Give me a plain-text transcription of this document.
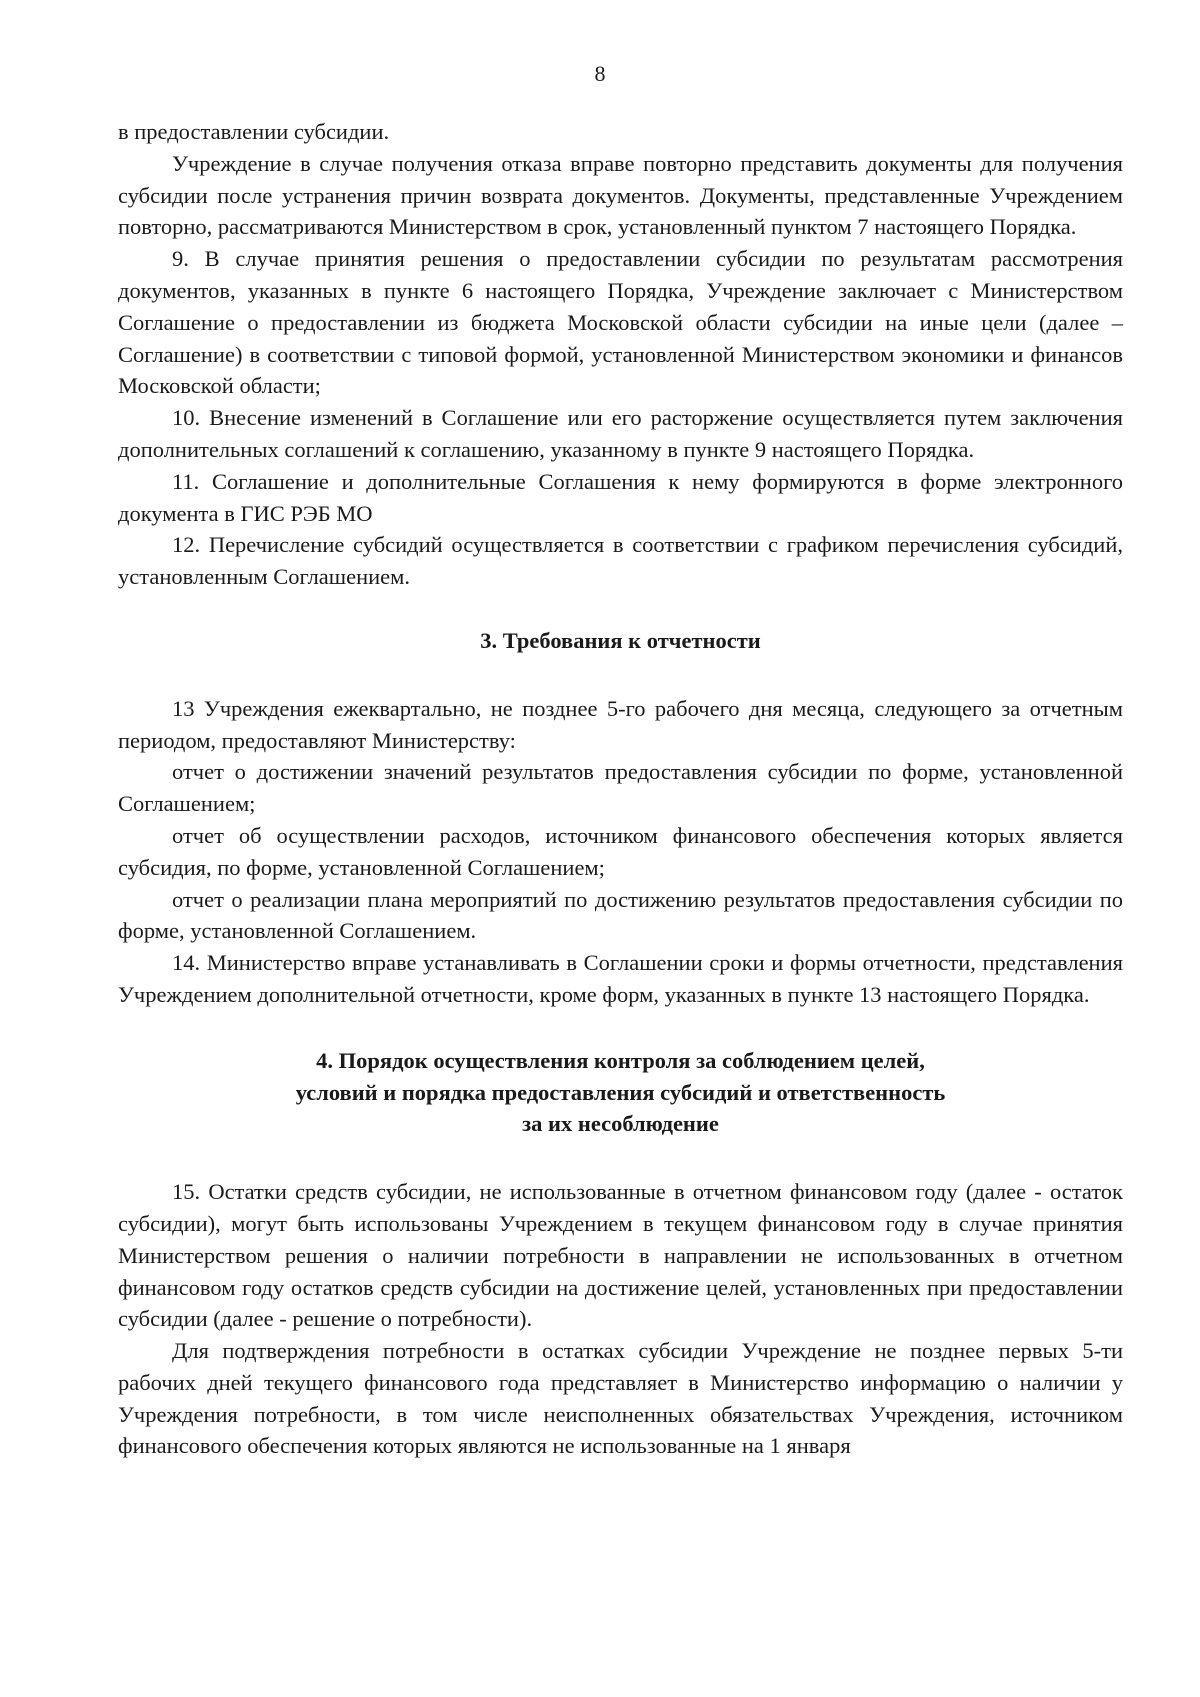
8

в предоставлении субсидии.

Учреждение в случае получения отказа вправе повторно представить документы для получения субсидии после устранения причин возврата документов. Документы, представленные Учреждением повторно, рассматриваются Министерством в срок, установленный пунктом 7 настоящего Порядка.

9. В случае принятия решения о предоставлении субсидии по результатам рассмотрения документов, указанных в пункте 6 настоящего Порядка, Учреждение заключает с Министерством Соглашение о предоставлении из бюджета Московской области субсидии на иные цели (далее – Соглашение) в соответствии с типовой формой, установленной Министерством экономики и финансов Московской области;

10. Внесение изменений в Соглашение или его расторжение осуществляется путем заключения дополнительных соглашений к соглашению, указанному в пункте 9 настоящего Порядка.

11. Соглашение и дополнительные Соглашения к нему формируются в форме электронного документа в ГИС РЭБ МО

12. Перечисление субсидий осуществляется в соответствии с графиком перечисления субсидий, установленным Соглашением.

3. Требования к отчетности

13 Учреждения ежеквартально, не позднее 5-го рабочего дня месяца, следующего за отчетным периодом, предоставляют Министерству:

отчет о достижении значений результатов предоставления субсидии по форме, установленной Соглашением;

отчет об осуществлении расходов, источником финансового обеспечения которых является субсидия, по форме, установленной Соглашением;

отчет о реализации плана мероприятий по достижению результатов предоставления субсидии по форме, установленной Соглашением.

14. Министерство вправе устанавливать в Соглашении сроки и формы отчетности, представления Учреждением дополнительной отчетности, кроме форм, указанных в пункте 13 настоящего Порядка.

4. Порядок осуществления контроля за соблюдением целей,
условий и порядка предоставления субсидий и ответственность
за их несоблюдение

15. Остатки средств субсидии, не использованные в отчетном финансовом году (далее - остаток субсидии), могут быть использованы Учреждением в текущем финансовом году в случае принятия Министерством решения о наличии потребности в направлении не использованных в отчетном финансовом году остатков средств субсидии на достижение целей, установленных при предоставлении субсидии (далее - решение о потребности).

Для подтверждения потребности в остатках субсидии Учреждение не позднее первых 5-ти рабочих дней текущего финансового года представляет в Министерство информацию о наличии у Учреждения потребности, в том числе неисполненных обязательствах Учреждения, источником финансового обеспечения которых являются не использованные на 1 января
